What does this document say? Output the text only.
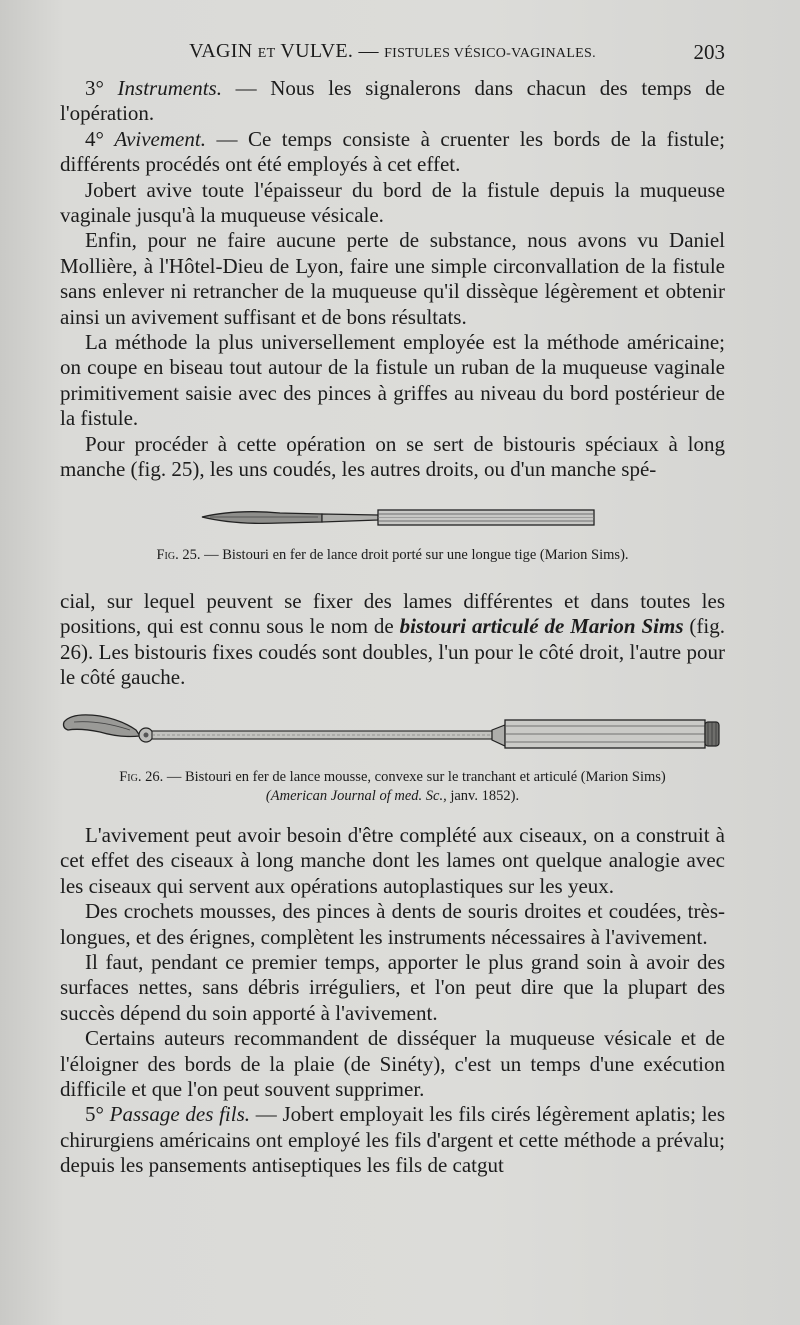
VAGIN ET VULVE. — FISTULES VÉSICO-VAGINALES.	203

3° Instruments. — Nous les signalerons dans chacun des temps de l'opération.

4° Avivement. — Ce temps consiste à cruenter les bords de la fistule; différents procédés ont été employés à cet effet.

Jobert avive toute l'épaisseur du bord de la fistule depuis la muqueuse vaginale jusqu'à la muqueuse vésicale.

Enfin, pour ne faire aucune perte de substance, nous avons vu Daniel Mollière, à l'Hôtel-Dieu de Lyon, faire une simple circonvallation de la fistule sans enlever ni retrancher de la muqueuse qu'il dissèque légèrement et obtenir ainsi un avivement suffisant et de bons résultats.

La méthode la plus universellement employée est la méthode américaine; on coupe en biseau tout autour de la fistule un ruban de la muqueuse vaginale primitivement saisie avec des pinces à griffes au niveau du bord postérieur de la fistule.

Pour procéder à cette opération on se sert de bistouris spéciaux à long manche (fig. 25), les uns coudés, les autres droits, ou d'un manche spé-

Fig. 25. — Bistouri en fer de lance droit porté sur une longue tige (Marion Sims).

cial, sur lequel peuvent se fixer des lames différentes et dans toutes les positions, qui est connu sous le nom de bistouri articulé de Marion Sims (fig. 26). Les bistouris fixes coudés sont doubles, l'un pour le côté droit, l'autre pour le côté gauche.

Fig. 26. — Bistouri en fer de lance mousse, convexe sur le tranchant et articulé (Marion Sims)
(American Journal of med. Sc., janv. 1852).

L'avivement peut avoir besoin d'être complété aux ciseaux, on a construit à cet effet des ciseaux à long manche dont les lames ont quelque analogie avec les ciseaux qui servent aux opérations autoplastiques sur les yeux.

Des crochets mousses, des pinces à dents de souris droites et coudées, très-longues, et des érignes, complètent les instruments nécessaires à l'avivement.

Il faut, pendant ce premier temps, apporter le plus grand soin à avoir des surfaces nettes, sans débris irréguliers, et l'on peut dire que la plupart des succès dépend du soin apporté à l'avivement.

Certains auteurs recommandent de disséquer la muqueuse vésicale et de l'éloigner des bords de la plaie (de Sinéty), c'est un temps d'une exécution difficile et que l'on peut souvent supprimer.

5° Passage des fils. — Jobert employait les fils cirés légèrement aplatis; les chirurgiens américains ont employé les fils d'argent et cette méthode a prévalu; depuis les pansements antiseptiques les fils de catgut
